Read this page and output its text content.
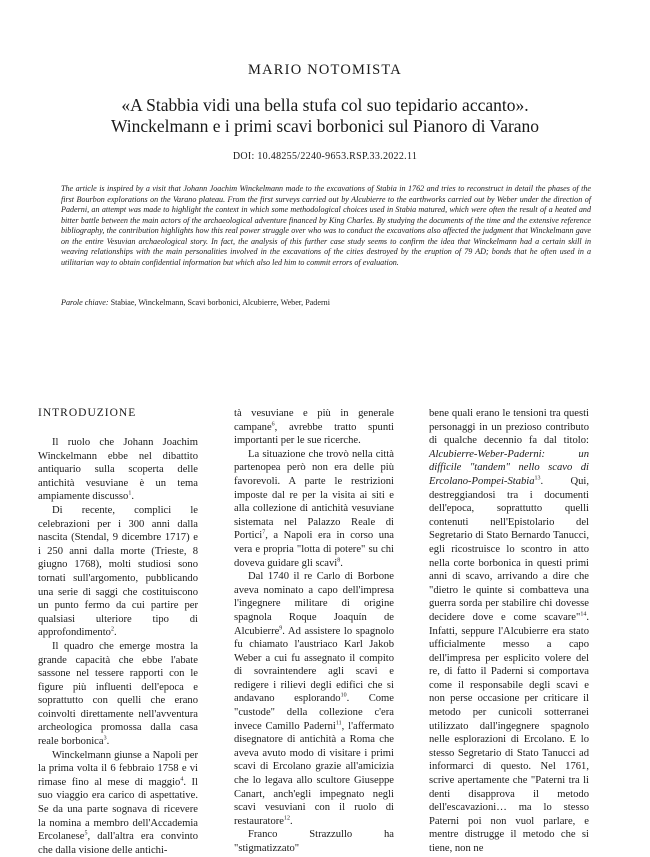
MARIO NOTOMISTA
«A Stabbia vidi una bella stufa col suo tepidario accanto».
Winckelmann e i primi scavi borbonici sul Pianoro di Varano
DOI: 10.48255/2240-9653.RSP.33.2022.11
The article is inspired by a visit that Johann Joachim Winckelmann made to the excavations of Stabia in 1762 and tries to reconstruct in detail the phases of the first Bourbon explorations on the Varano plateau. From the first surveys carried out by Alcubierre to the earthworks carried out by Weber under the direction of Paderni, an attempt was made to highlight the context in which some methodological choices used in Stabia matured, which were often the result of a heated and bitter battle between the main actors of the archaeological adventure financed by King Charles. By studying the documents of the time and the extensive reference bibliography, the contribution highlights how this real power struggle over who was to conduct the excavations also affected the judgment that Winckelmann gave on the entire Vesuvian archaeological story. In fact, the analysis of this further case study seems to confirm the idea that Winckelmann had a certain skill in weaving relationships with the main personalities involved in the excavations of the cities destroyed by the eruption of 79 AD; bonds that he often used in a utilitarian way to obtain confidential information but which also led him to commit errors of evaluation.
Parole chiave: Stabiae, Winckelmann, Scavi borbonici, Alcubierre, Weber, Paderni
INTRODUZIONE

Il ruolo che Johann Joachim Winckelmann ebbe nel dibattito antiquario sulla scoperta delle antichità vesuviane è un tema ampiamente discusso$^1$.

Di recente, complici le celebrazioni per i 300 anni dalla nascita (Stendal, 9 dicembre 1717) e i 250 anni dalla morte (Trieste, 8 giugno 1768), molti studiosi sono tornati sull'argomento, pubblicando una serie di saggi che costituiscono un punto fermo da cui partire per qualsiasi ulteriore tipo di approfondimento$^2$.

Il quadro che emerge mostra la grande capacità che ebbe l'abate sassone nel tessere rapporti con le figure più influenti dell'epoca e soprattutto con quelli che erano coinvolti direttamente nell'avventura archeologica promossa dalla casa reale borbonica$^3$.

Winckelmann giunse a Napoli per la prima volta il 6 febbraio 1758 e vi rimase fino al mese di maggio$^4$. Il suo viaggio era carico di aspettative. Se da una parte sognava di ricevere la nomina a membro dell'Accademia Ercolanese$^5$, dall'altra era convinto che dalla visione delle antichi-

tà vesuviane e più in generale campane$^6$, avrebbe tratto spunti importanti per le sue ricerche.

La situazione che trovò nella città partenopea però non era delle più favorevoli. A parte le restrizioni imposte dal re per la visita ai siti e alla collezione di antichità vesuviane sistemata nel Palazzo Reale di Portici$^7$, a Napoli era in corso una vera e propria "lotta di potere" su chi doveva guidare gli scavi$^8$.

Dal 1740 il re Carlo di Borbone aveva nominato a capo dell'impresa l'ingegnere militare di origine spagnola Roque Joaquín de Alcubierre$^9$. Ad assistere lo spagnolo fu chiamato l'austriaco Karl Jakob Weber a cui fu assegnato il compito di sovraintendere agli scavi e redigere i rilievi degli edifici che si andavano esplorando$^{10}$. Come "custode" della collezione c'era invece Camillo Paderni$^{11}$, l'affermato disegnatore di antichità a Roma che aveva avuto modo di visitare i primi scavi di Ercolano grazie all'amicizia che lo legava allo scultore Giuseppe Canart, anch'egli impegnato negli scavi vesuviani con il ruolo di restauratore$^{12}$.

Franco Strazzullo ha "stigmatizzato"

bene quali erano le tensioni tra questi personaggi in un prezioso contributo di qualche decennio fa dal titolo: Alcubierre-Weber-Paderni: un difficile "tandem" nello scavo di Ercolano-Pompei-Stabia$^{13}$. Qui, destreggiandosi tra i documenti dell'epoca, soprattutto quelli contenuti nell'Epistolario del Segretario di Stato Bernardo Tanucci, egli ricostruisce lo scontro in atto nella corte borbonica in questi primi anni di scavo, arrivando a dire che "dietro le quinte si combatteva una guerra sorda per stabilire chi dovesse decidere dove e come scavare"$^{14}$. Infatti, seppure l'Alcubierre era stato ufficialmente messo a capo dell'impresa per esplicito volere del re, di fatto il Paderni si comportava come il responsabile degli scavi e non perse occasione per criticare il metodo per cunicoli sotterranei utilizzato dall'ingegnere spagnolo nelle esplorazioni di Ercolano. E lo stesso Segretario di Stato Tanucci ad informarci di questo. Nel 1761, scrive apertamente che "Paterni tra li denti disapprova il metodo dell'escavazioni… ma lo stesso Paterni poi non vuol parlare, e mentre distrugge il metodo che si tiene, non ne
